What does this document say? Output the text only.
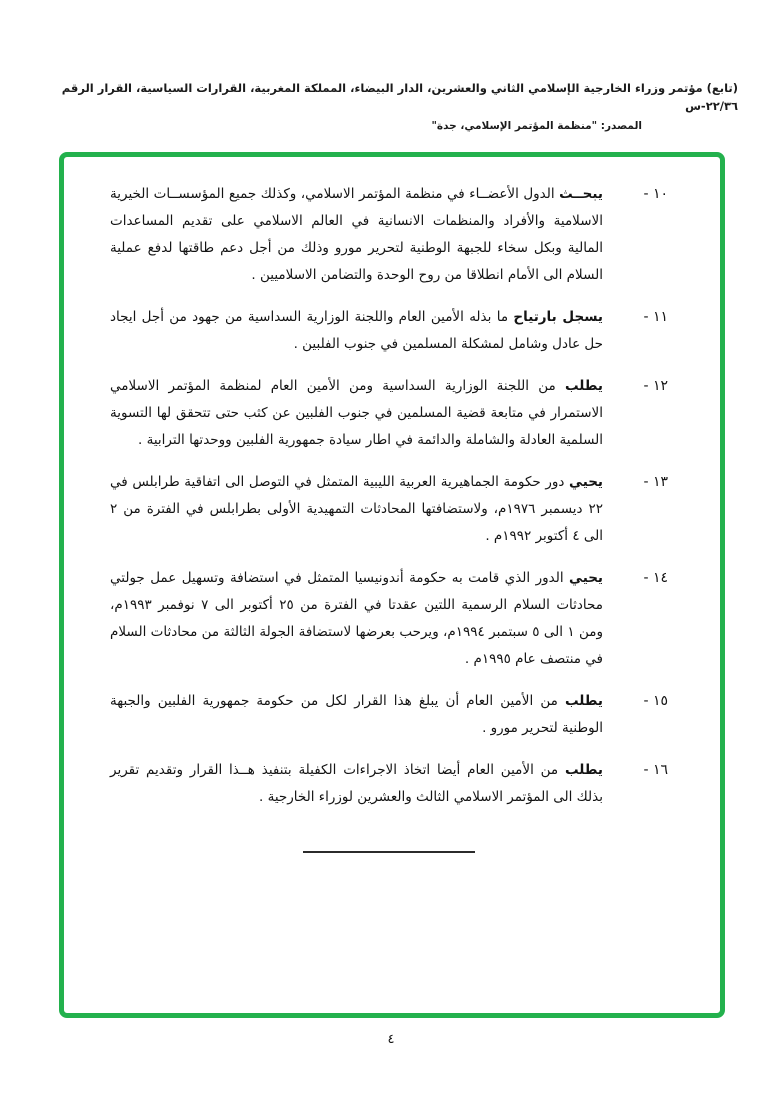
(تابع) مؤتمر وزراء الخارجية الإسلامي الثاني والعشرين، الدار البيضاء، المملكة المغربية، القرارات السياسية، القرار الرقم ٢٢/٣٦-س
المصدر: "منظمة المؤتمر الإسلامي، جدة"
١٠ -
يبحــث الدول الأعضــاء في منظمة المؤتمر الاسلامي، وكذلك جميع المؤسســات الخيرية الاسلامية والأفراد والمنظمات الانسانية في العالم الاسلامي على تقديم المساعدات المالية وبكل سخاء للجبهة الوطنية لتحرير مورو وذلك من أجل دعم طاقتها لدفع عملية السلام الى الأمام انطلاقا من روح الوحدة والتضامن الاسلاميين .
١١ -
يسجل بارتياح ما بذله الأمين العام واللجنة الوزارية السداسية من جهود من أجل ايجاد حل عادل وشامل لمشكلة المسلمين في جنوب الفلبين .
١٢ -
يطلب من اللجنة الوزارية السداسية ومن الأمين العام لمنظمة المؤتمر الاسلامي الاستمرار في متابعة قضية المسلمين في جنوب الفلبين عن كثب حتى تتحقق لها التسوية السلمية العادلة والشاملة والدائمة في اطار سيادة جمهورية الفلبين ووحدتها الترابية .
١٣ -
يحيي دور حكومة الجماهيرية العربية الليبية المتمثل في التوصل الى اتفاقية طرابلس في ٢٢ ديسمبر ١٩٧٦م، ولاستضافتها المحادثات التمهيدية الأولى بطرابلس في الفترة من ٢ الى ٤ أكتوبر ١٩٩٢م .
١٤ -
يحيي الدور الذي قامت به حكومة أندونيسيا المتمثل في استضافة وتسهيل عمل جولتي محادثات السلام الرسمية اللتين عقدتا في الفترة من ٢٥ أكتوبر الى ٧ نوفمبر ١٩٩٣م، ومن ١ الى ٥ سبتمبر ١٩٩٤م، ويرحب بعرضها لاستضافة الجولة الثالثة من محادثات السلام في منتصف عام ١٩٩٥م .
١٥ -
يطلب من الأمين العام أن يبلغ هذا القرار لكل من حكومة جمهورية الفلبين والجبهة الوطنية لتحرير مورو .
١٦ -
يطلب من الأمين العام أيضا اتخاذ الاجراءات الكفيلة بتنفيذ هــذا القرار وتقديم تقرير بذلك الى المؤتمر الاسلامي الثالث والعشرين لوزراء الخارجية .
٤
